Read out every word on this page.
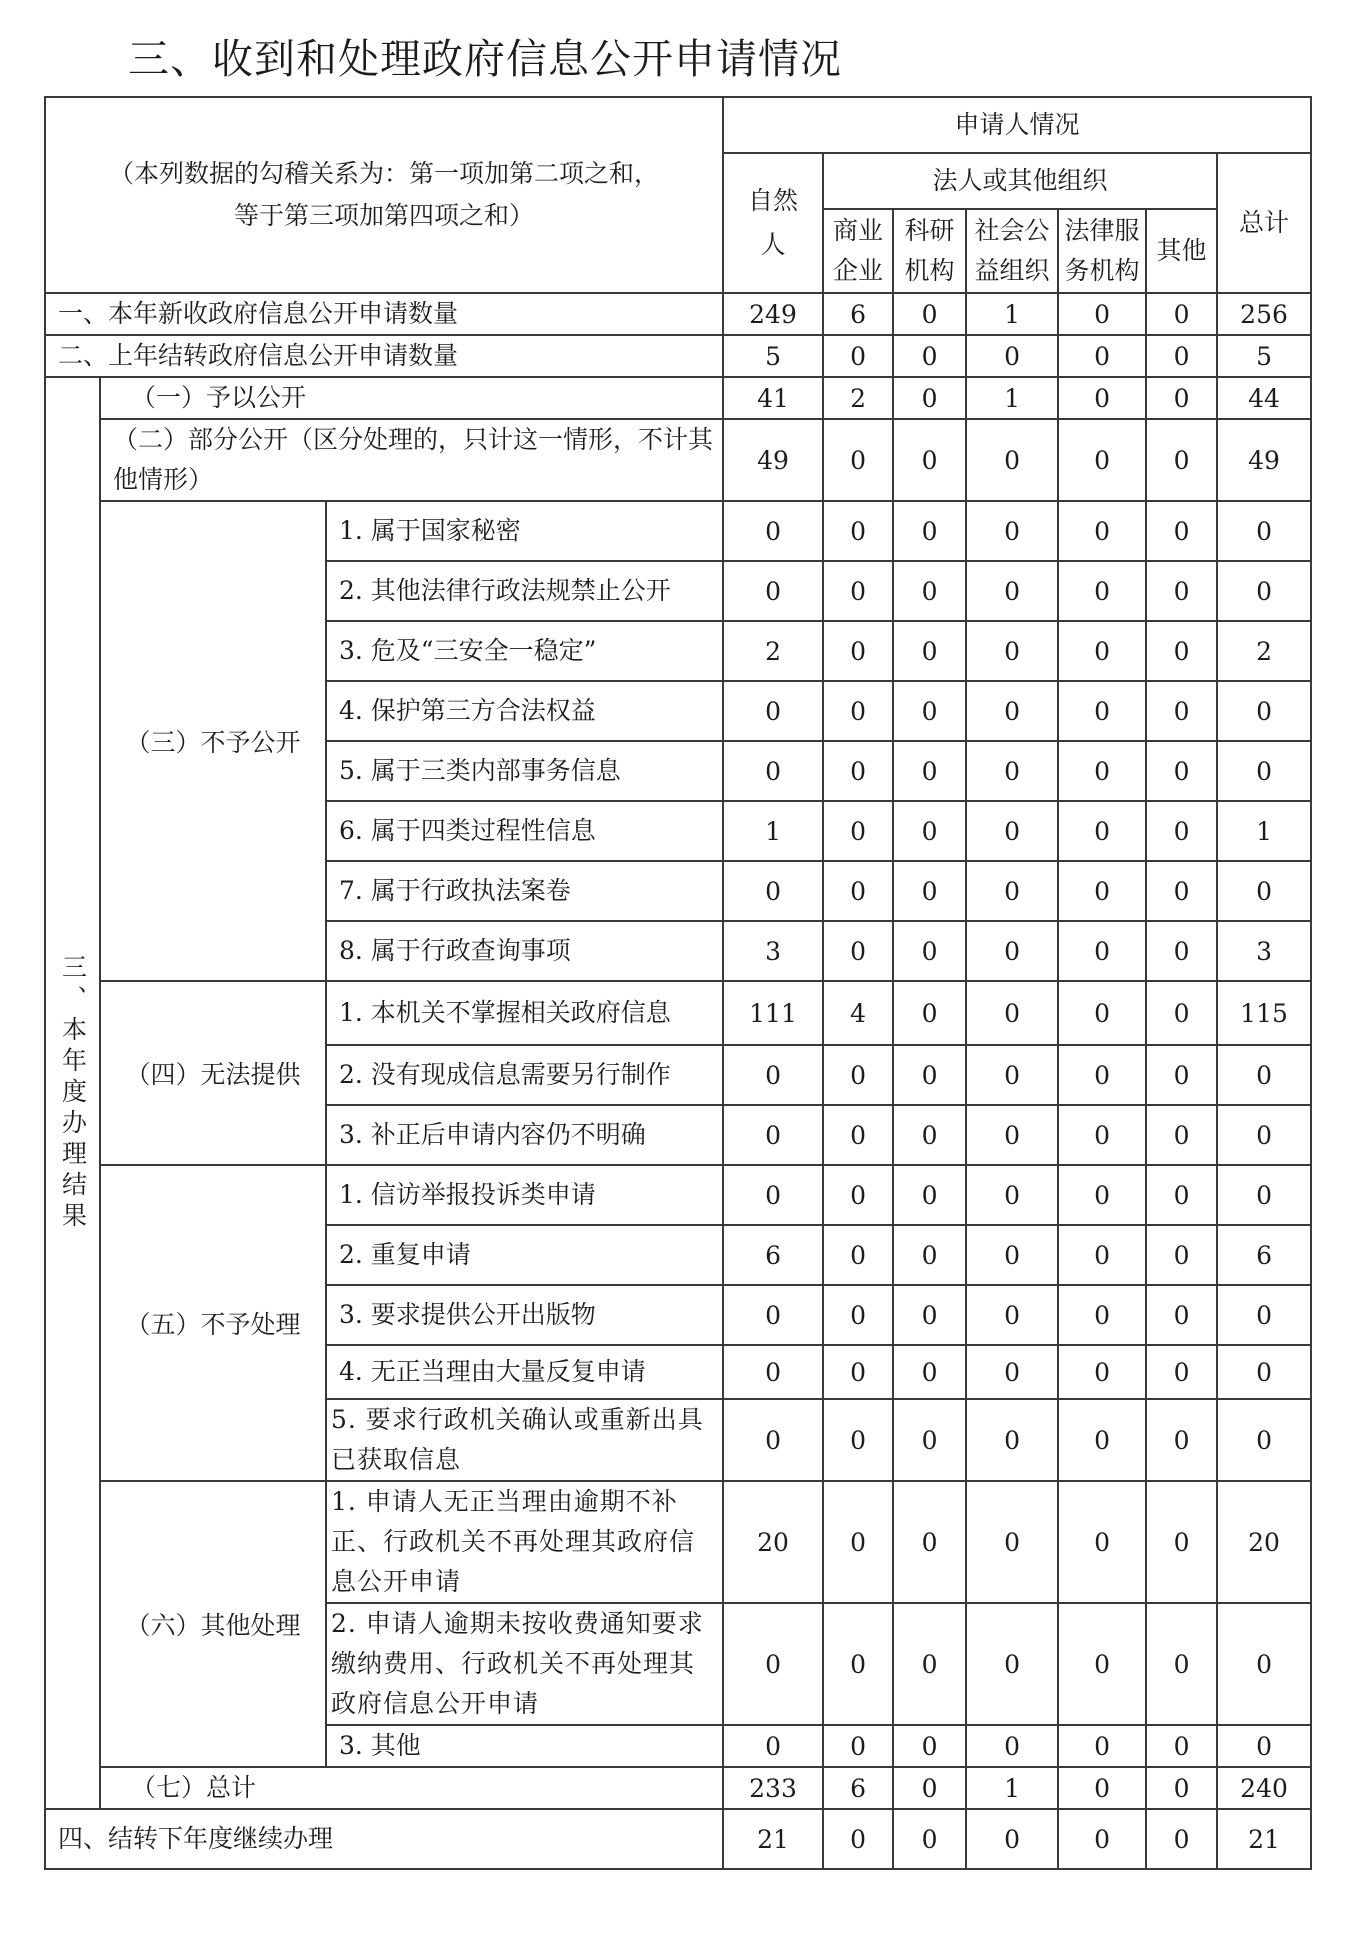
三、收到和处理政府信息公开申请情况
（本列数据的勾稽关系为：第一项加第二项之和，
等于第三项加第四项之和）			申请人情况						

			自然人	法人或其他组织					总计

				商业企业	科研机构	社会公益组织	法律服务机构	其他	

一、本年新收政府信息公开申请数量			249	6	0	1	0	0	256
二、上年结转政府信息公开申请数量			5	0	0	0	0	0	5
三、本年度办理结果	（一）予以公开		41	2	0	1	0	0	44
	（二）部分公开（区分处理的，只计这一情形，不计其他情形）		49	0	0	0	0	0	49
	（三）不予公开	1. 属于国家秘密	0	0	0	0	0	0	0
		2. 其他法律行政法规禁止公开	0	0	0	0	0	0	0
		3. 危及“三安全一稳定”	2	0	0	0	0	0	2
		4. 保护第三方合法权益	0	0	0	0	0	0	0
		5. 属于三类内部事务信息	0	0	0	0	0	0	0
		6. 属于四类过程性信息	1	0	0	0	0	0	1
		7. 属于行政执法案卷	0	0	0	0	0	0	0
		8. 属于行政查询事项	3	0	0	0	0	0	3
	（四）无法提供	1. 本机关不掌握相关政府信息	111	4	0	0	0	0	115
		2. 没有现成信息需要另行制作	0	0	0	0	0	0	0
		3. 补正后申请内容仍不明确	0	0	0	0	0	0	0
	（五）不予处理	1. 信访举报投诉类申请	0	0	0	0	0	0	0
		2. 重复申请	6	0	0	0	0	0	6
		3. 要求提供公开出版物	0	0	0	0	0	0	0
		4. 无正当理由大量反复申请	0	0	0	0	0	0	0
		5. 要求行政机关确认或重新出具已获取信息	0	0	0	0	0	0	0
	（六）其他处理	1. 申请人无正当理由逾期不补正、行政机关不再处理其政府信息公开申请	20	0	0	0	0	0	20
		2. 申请人逾期未按收费通知要求缴纳费用、行政机关不再处理其政府信息公开申请	0	0	0	0	0	0	0
		3. 其他	0	0	0	0	0	0	0
	（七）总计		233	6	0	1	0	0	240
四、结转下年度继续办理			21	0	0	0	0	0	21
